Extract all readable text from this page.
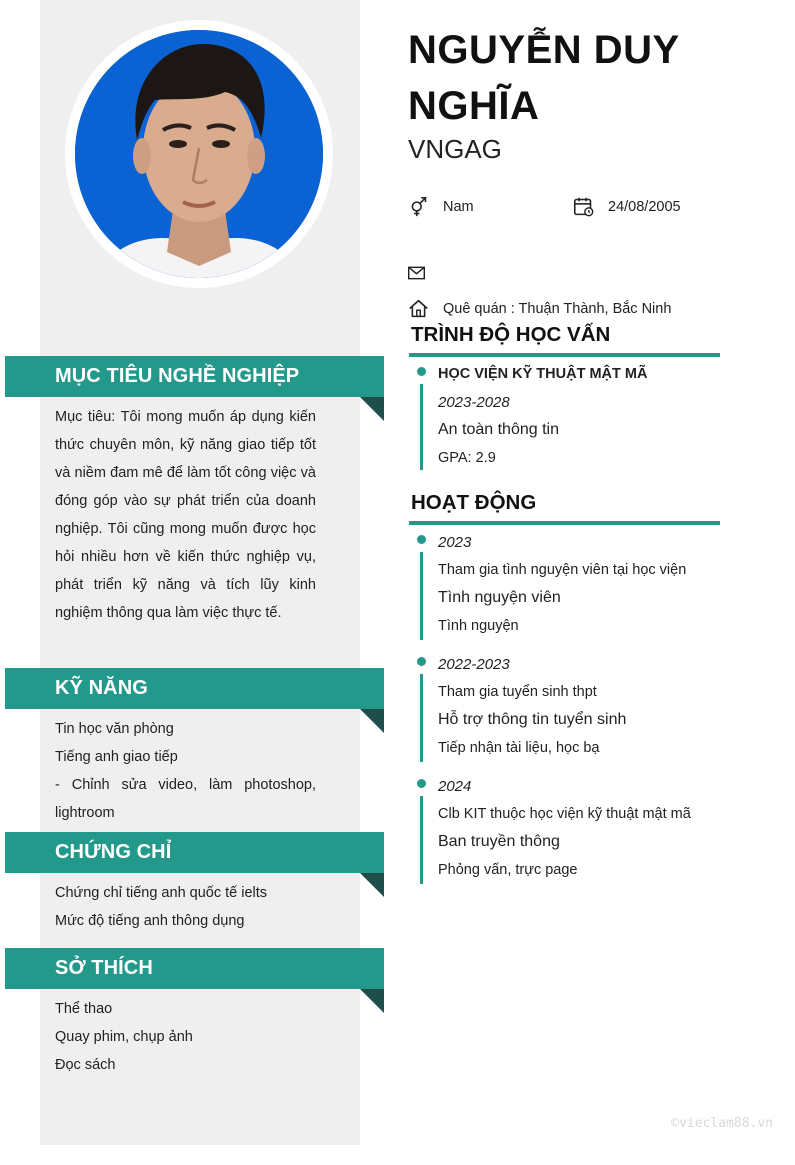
MỤC TIÊU NGHỀ NGHIỆP
Mục tiêu: Tôi mong muốn áp dụng kiến thức chuyên môn, kỹ năng giao tiếp tốt và niềm đam mê để làm tốt công việc và đóng góp vào sự phát triển của doanh nghiệp. Tôi cũng mong muốn được học hỏi nhiều hơn về kiến thức nghiệp vụ, phát triển kỹ năng và tích lũy kinh nghiệm thông qua làm việc thực tế.
KỸ NĂNG
Tin học văn phòng
Tiếng anh giao tiếp
- Chỉnh sửa video, làm photoshop, lightroom
CHỨNG CHỈ
Chứng chỉ tiếng anh quốc tế ielts
Mức độ tiếng anh thông dụng
SỞ THÍCH
Thể thao
Quay phim, chụp ảnh
Đọc sách
NGUYỄN DUY NGHĨA
VNGAG
Nam	24/08/2005
Quê quán : Thuận Thành, Bắc Ninh
TRÌNH ĐỘ HỌC VẤN
HỌC VIỆN KỸ THUẬT MẬT MÃ
2023-2028
An toàn thông tin
GPA: 2.9
HOẠT ĐỘNG
2023
Tham gia tình nguyện viên tại học viện
Tình nguyện viên
Tình nguyện
2022-2023
Tham gia tuyển sinh thpt
Hỗ trợ thông tin tuyển sinh
Tiếp nhận tài liệu, học bạ
2024
Clb KIT thuộc học viện kỹ thuật mật mã
Ban truyền thông
Phỏng vấn, trực page
©vieclam88.vn
